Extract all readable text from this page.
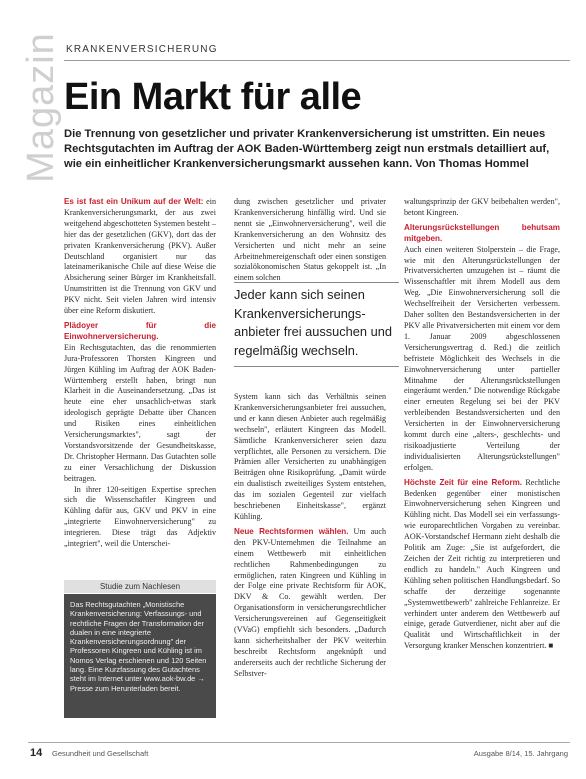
Magazin KRANKENVERSICHERUNG
Ein Markt für alle
Die Trennung von gesetzlicher und privater Krankenversicherung ist umstritten. Ein neues Rechtsgutachten im Auftrag der AOK Baden-Württemberg zeigt nun erstmals detailliert auf, wie ein einheitlicher Krankenversicherungsmarkt aussehen kann. Von Thomas Hommel

Es ist fast ein Unikum auf der Welt: ein Krankenversicherungsmarkt, der aus zwei weitgehend abgeschotteten Systemen besteht – hier das der gesetzlichen (GKV), dort das der privaten Krankenversicherung (PKV). Außer Deutschland organisiert nur das lateinamerikanische Chile auf diese Weise die Absicherung seiner Bürger im Krankheitsfall. Unumstritten ist die Trennung von GKV und PKV nicht. Seit vielen Jahren wird intensiv über eine Reform diskutiert.

Plädoyer für die Einwohnerversicherung.

Ein Rechtsgutachten, das die renommierten Jura-Professoren Thorsten Kingreen und Jürgen Kühling im Auftrag der AOK Baden-Württemberg erstellt haben, bringt nun Klarheit in die Auseinandersetzung. „Das ist heute eine eher unsachlich-etwas stark ideologisch geprägte Debatte über Chancen und Risiken eines einheitlichen Versicherungsmarktes", sagt der Vorstandsvorsitzende der Gesundheitskasse, Dr. Christopher Hermann. Das Gutachten solle zu einer Versachlichung der Diskussion beitragen.

In ihrer 120-seitigen Expertise sprechen sich die Wissenschaftler Kingreen und Kühling dafür aus, GKV und PKV in eine „integrierte Einwohnerversicherung" zu integrieren. Diese trägt das Adjektiv „integriert", weil die Unterschei-

Studie zum Nachlesen
Das Rechtsgutachten „Monistische Krankenversicherung: Verfassungs- und rechtliche Fragen der Transformation der dualen in eine integrierte Krankenversicherungsordnung" der Professoren Kingreen und Kühling ist im Nomos Verlag erschienen und 120 Seiten lang. Eine Kurzfassung des Gutachtens steht im Internet unter www.aok-bw.de → Presse zum Herunterladen bereit.

dung zwischen gesetzlicher und privater Krankenversicherung hinfällig wird. Und sie nennt sie „Einwohnerversicherung", weil die Krankenversicherung an den Wohnsitz des Versicherten und nicht mehr an seine Arbeitnehmereigenschaft oder einen sonstigen sozialökonomischen Status gekoppelt ist. „In einem solchen

Jeder kann sich seinen Krankenversicherungs-anbieter frei aussuchen und regelmäßig wechseln.

System kann sich das Verhältnis seinen Krankenversicherungsanbieter frei aussuchen, und er kann diesen Anbieter auch regelmäßig wechseln", erläutert Kingreen das Modell. Sämtliche Krankenversicherer seien dazu verpflichtet, alle Personen zu versichern. Die Prämien aller Versicherten zu unabhängigen Beiträgen ohne Risikoprüfung. „Damit würde ein dualistisch zweiteiliges System entstehen, das im sozialen Gegenteil zur vielfach beschriebenen Einheitskasse", ergänzt Kühling.

Neue Rechtsformen wählen. Um auch den PKV-Unternehmen die Teilnahme an einem Wettbewerb mit einheitlichen rechtlichen Rahmenbedingungen zu ermöglichen, raten Kingreen und Kühling in der Folge eine private Rechtsform für AOK, DKV & Co. gewählt werden. Der Organisationsform in versicherungsrechtlicher Versicherungsvereinen auf Gegenseitigkeit (VVaG) empfiehlt sich besonders. „Dadurch kann sicherheitshalber der PKV weiterhin beschreibt Rechtsform angeknüpft und andererseits auch der rechtliche Sicherung der Selbstver-

waltungsprinzip der GKV beibehalten werden", betont Kingreen.

Alterungsrückstellungen behutsam mitgeben.

Auch einen weiteren Stolperstein – die Frage, wie mit den Alterungsrückstellungen der Privatversicherten umzugehen ist – räumt die Wissenschaftler mit ihrem Modell aus dem Weg. „Die Einwohnerversicherung soll die Wechselfreiheit der Versicherten verbessern. Daher sollten den Bestandsversicherten in der PKV alle Privatversicherten mit einem vor dem 1. Januar 2009 abgeschlossenen Versicherungsvertrag d. Red.) die zeitlich befristete Möglichkeit des Wechsels in die Einwohnerversicherung unter partieller Mitnahme der Alterungsrückstellungen eingeräumt werden." Die notwendige Rückgabe einer erneuten Regelung sei bei der PKV verbleibenden Bestandsversicherten und den Versicherten in der Einwohnerversicherung kommt durch eine „alters-, geschlechts- und risikoadjustierte Verteilung der individualisierten Alterungsrückstellungen" erfolgen.

Höchste Zeit für eine Reform. Rechtliche Bedenken gegenüber einer monistischen Einwohnerversicherung sehen Kingreen und Kühling nicht. Das Modell sei ein verfassungs- wie europarechtlichen Vorgaben zu vereinbar. AOK-Vorstandschef Hermann zieht deshalb die Politik am Zuge: „Sie ist aufgefordert, die Zeichen der Zeit richtig zu interpretieren und endlich zu handeln." Auch Kingreen und Kühling sehen politischen Handlungsbedarf. So schaffe der derzeitige sogenannte „Systemwettbewerb" zahlreiche Fehlanreize. Er verhindert unter anderem den Wettbewerb auf einige, gerade Gutverdiener, nicht aber auf die Qualität und Wirtschaftlichkeit in der Versorgung kranker Menschen konzentriert. ■

14 Gesundheit und Gesellschaft	Ausgabe 8/14, 15. Jahrgang
